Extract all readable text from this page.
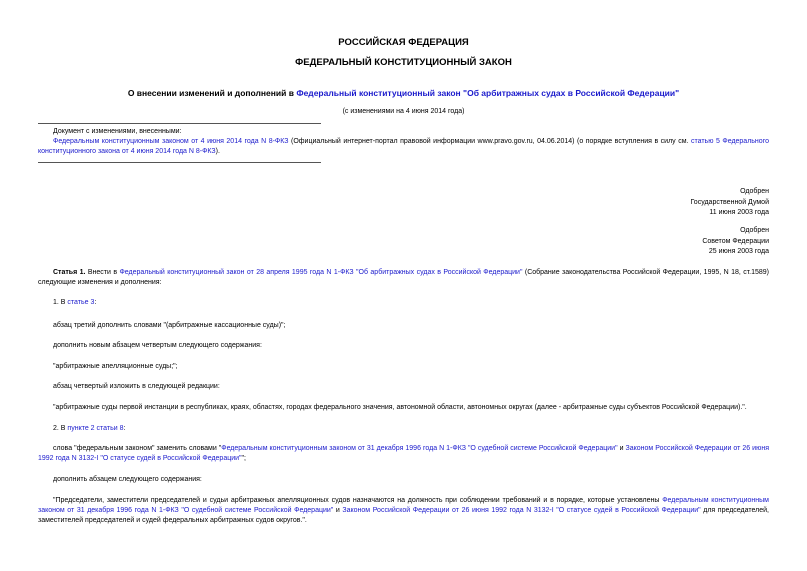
РОССИЙСКАЯ ФЕДЕРАЦИЯ
ФЕДЕРАЛЬНЫЙ КОНСТИТУЦИОННЫЙ ЗАКОН
О внесении изменений и дополнений в Федеральный конституционный закон "Об арбитражных судах в Российской Федерации"
(с изменениями на 4 июня 2014 года)
Документ с изменениями, внесенными:
Федеральным конституционным законом от 4 июня 2014 года N 8-ФКЗ (Официальный интернет-портал правовой информации www.pravo.gov.ru, 04.06.2014) (о порядке вступления в силу см. статью 5 Федерального конституционного закона от 4 июня 2014 года N 8-ФКЗ).
Одобрен
Государственной Думой
11 июня 2003 года
Одобрен
Советом Федерации
25 июня 2003 года
Статья 1. Внести в Федеральный конституционный закон от 28 апреля 1995 года N 1-ФКЗ "Об арбитражных судах в Российской Федерации" (Собрание законодательства Российской Федерации, 1995, N 18, ст.1589) следующие изменения и дополнения:
1. В статье 3:
абзац третий дополнить словами "(арбитражные кассационные суды)";
дополнить новым абзацем четвертым следующего содержания:
"арбитражные апелляционные суды;";
абзац четвертый изложить в следующей редакции:
"арбитражные суды первой инстанции в республиках, краях, областях, городах федерального значения, автономной области, автономных округах (далее - арбитражные суды субъектов Российской Федерации).".
2. В пункте 2 статьи 8:
слова "федеральным законом" заменить словами "Федеральным конституционным законом от 31 декабря 1996 года N 1-ФКЗ "О судебной системе Российской Федерации" и Законом Российской Федерации от 26 июня 1992 года N 3132-I "О статусе судей в Российской Федерации"";
дополнить абзацем следующего содержания:
"Председатели, заместители председателей и судьи арбитражных апелляционных судов назначаются на должность при соблюдении требований и в порядке, которые установлены Федеральным конституционным законом от 31 декабря 1996 года N 1-ФКЗ "О судебной системе Российской Федерации" и Законом Российской Федерации от 26 июня 1992 года N 3132-I "О статусе судей в Российской Федерации" для председателей, заместителей председателей и судей федеральных арбитражных судов округов.".
